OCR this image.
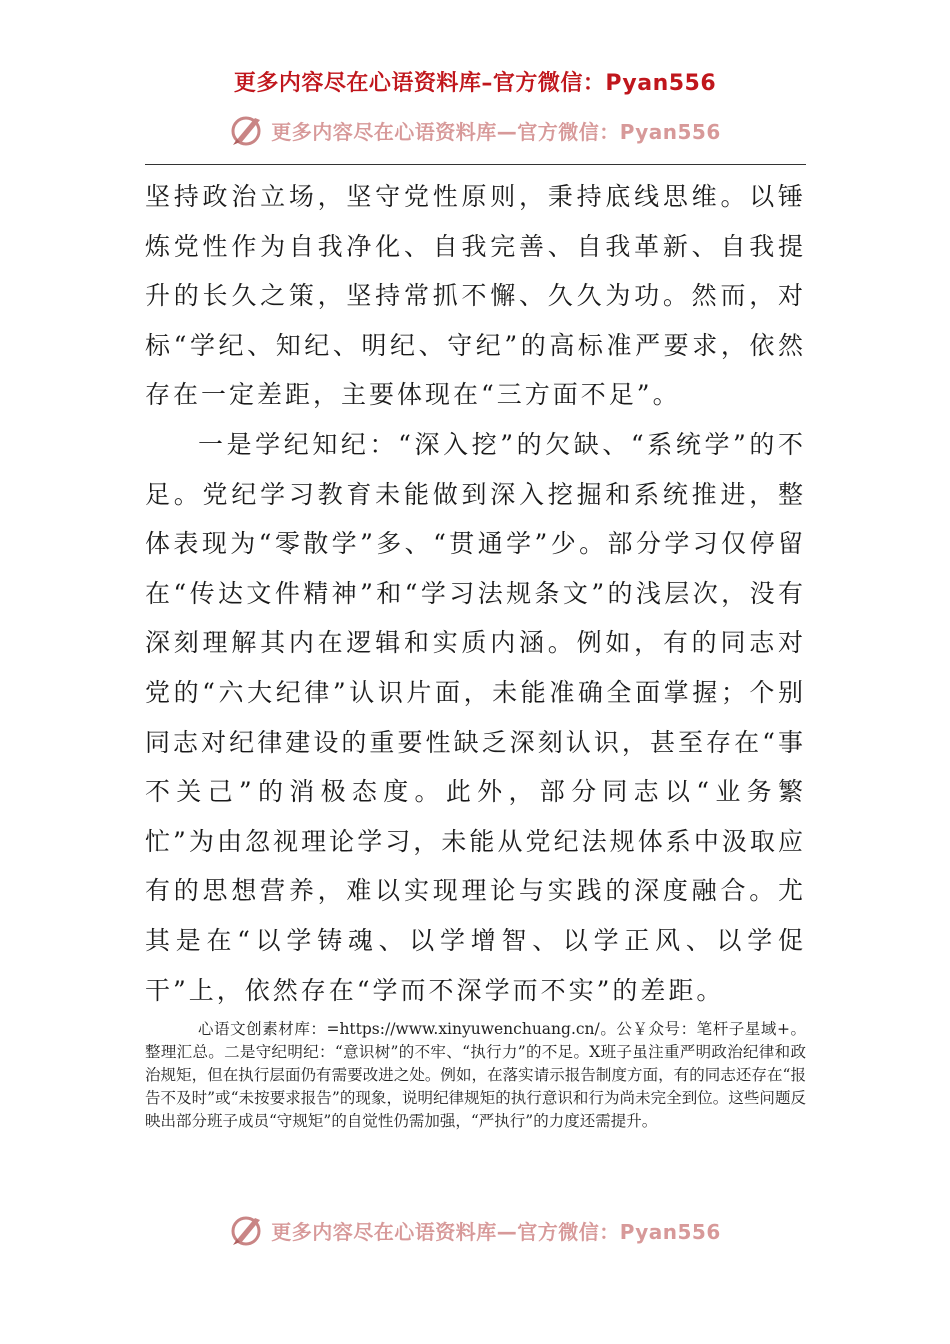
更多内容尽在心语资料库–官方微信：Pyan556
更多内容尽在心语资料库—官方微信：Pyan556

坚持政治立场，坚守党性原则，秉持底线思维。以锤炼党性作为自我净化、自我完善、自我革新、自我提升的长久之策，坚持常抓不懈、久久为功。然而，对标“学纪、知纪、明纪、守纪”的高标准严要求，依然存在一定差距，主要体现在“三方面不足”。

一是学纪知纪：“深入挖”的欠缺、“系统学”的不足。党纪学习教育未能做到深入挖掘和系统推进，整体表现为“零散学”多、“贯通学”少。部分学习仅停留在“传达文件精神”和“学习法规条文”的浅层次，没有深刻理解其内在逻辑和实质内涵。例如，有的同志对党的“六大纪律”认识片面，未能准确全面掌握；个别同志对纪律建设的重要性缺乏深刻认识，甚至存在“事不关己”的消极态度。此外，部分同志以“业务繁忙”为由忽视理论学习，未能从党纪法规体系中汲取应有的思想营养，难以实现理论与实践的深度融合。尤其是在“以学铸魂、以学增智、以学正风、以学促干”上，依然存在“学而不深学而不实”的差距。

心语文创素材库：=https://www.xinyuwenchuang.cn/。公￥众号：笔杆子星域+。整理汇总。二是守纪明纪：“意识树”的不牢、“执行力”的不足。X班子虽注重严明政治纪律和政治规矩，但在执行层面仍有需要改进之处。例如，在落实请示报告制度方面，有的同志还存在“报告不及时”或“未按要求报告”的现象，说明纪律规矩的执行意识和行为尚未完全到位。这些问题反映出部分班子成员“守规矩”的自觉性仍需加强，“严执行”的力度还需提升。

更多内容尽在心语资料库—官方微信：Pyan556
